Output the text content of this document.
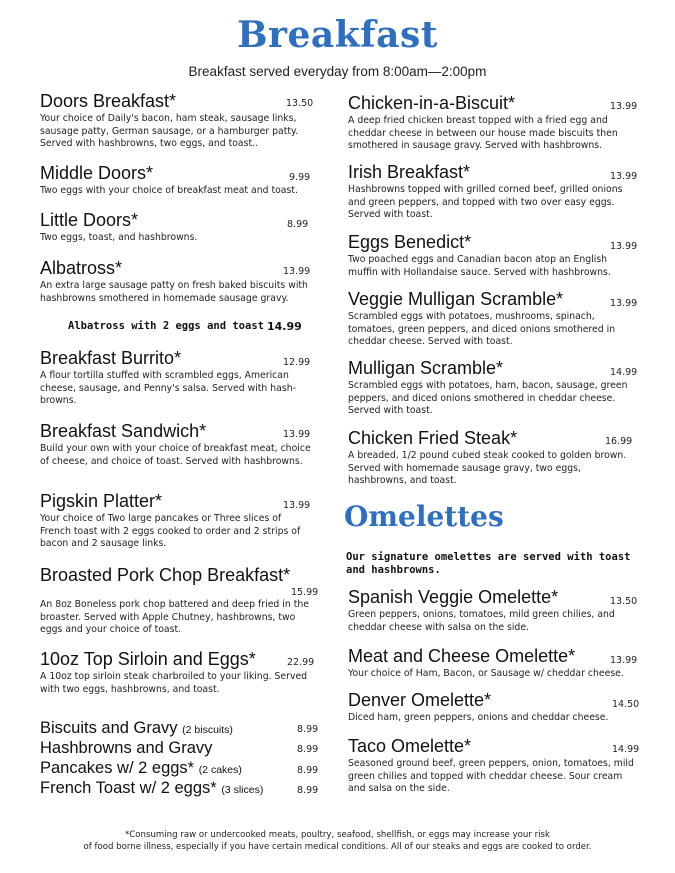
Breakfast
Breakfast served everyday from 8:00am—2:00pm
Doors Breakfast*
Your choice of Daily's bacon, ham steak, sausage links, sausage patty, German sausage, or a hamburger patty. Served with hashbrowns, two eggs, and toast..
13.50
Middle Doors*
Two eggs with your choice of breakfast meat and toast.
9.99
Little Doors*
Two eggs, toast, and hashbrowns.
8.99
Albatross*
An extra large sausage patty on fresh baked biscuits with hashbrowns smothered in homemade sausage gravy.
13.99
Albatross with 2 eggs and toast 14.99
Breakfast Burrito*
A flour tortilla stuffed with scrambled eggs, American cheese, sausage, and Penny's salsa. Served with hash-browns.
12.99
Breakfast Sandwich*
Build your own with your choice of breakfast meat, choice of cheese, and choice of toast. Served with hashbrowns.
13.99
Pigskin Platter*
Your choice of Two large pancakes or Three slices of French toast with 2 eggs cooked to order and 2 strips of bacon and 2 sausage links.
13.99
Broasted Pork Chop Breakfast*
An 8oz Boneless pork chop battered and deep fried in the broaster. Served with Apple Chutney, hashbrowns, two eggs and your choice of toast.
15.99
10oz Top Sirloin and Eggs*
A 10oz top sirloin steak charbroiled to your liking. Served with two eggs, hashbrowns, and toast.
22.99
Biscuits and Gravy (2 biscuits)	8.99
Hashbrowns and Gravy	8.99
Pancakes w/ 2 eggs* (2 cakes)	8.99
French Toast w/ 2 eggs* (3 slices)	8.99
Chicken-in-a-Biscuit*
A deep fried chicken breast topped with a fried egg and cheddar cheese in between our house made biscuits then smothered in sausage gravy. Served with hashbrowns.
13.99
Irish Breakfast*
Hashbrowns topped with grilled corned beef, grilled onions and green peppers, and topped with two over easy eggs. Served with toast.
13.99
Eggs Benedict*
Two poached eggs and Canadian bacon atop an English muffin with Hollandaise sauce. Served with hashbrowns.
13.99
Veggie Mulligan Scramble*
Scrambled eggs with potatoes, mushrooms, spinach, tomatoes, green peppers, and diced onions smothered in cheddar cheese. Served with toast.
13.99
Mulligan Scramble*
Scrambled eggs with potatoes, ham, bacon, sausage, green peppers, and diced onions smothered in cheddar cheese. Served with toast.
14.99
Chicken Fried Steak*
A breaded, 1/2 pound cubed steak cooked to golden brown. Served with homemade sausage gravy, two eggs, hashbrowns, and toast.
16.99
Omelettes
Our signature omelettes are served with toast and hashbrowns.
Spanish Veggie Omelette*
Green peppers, onions, tomatoes, mild green chilies, and cheddar cheese with salsa on the side.
13.50
Meat and Cheese Omelette*
Your choice of Ham, Bacon, or Sausage w/ cheddar cheese.
13.99
Denver Omelette*
Diced ham, green peppers, onions and cheddar cheese.
14.50
Taco Omelette*
Seasoned ground beef, green peppers, onion, tomatoes, mild green chilies and topped with cheddar cheese. Sour cream and salsa on the side.
14.99
*Consuming raw or undercooked meats, poultry, seafood, shellfish, or eggs may increase your risk
of food borne illness, especially if you have certain medical conditions. All of our steaks and eggs are cooked to order.
